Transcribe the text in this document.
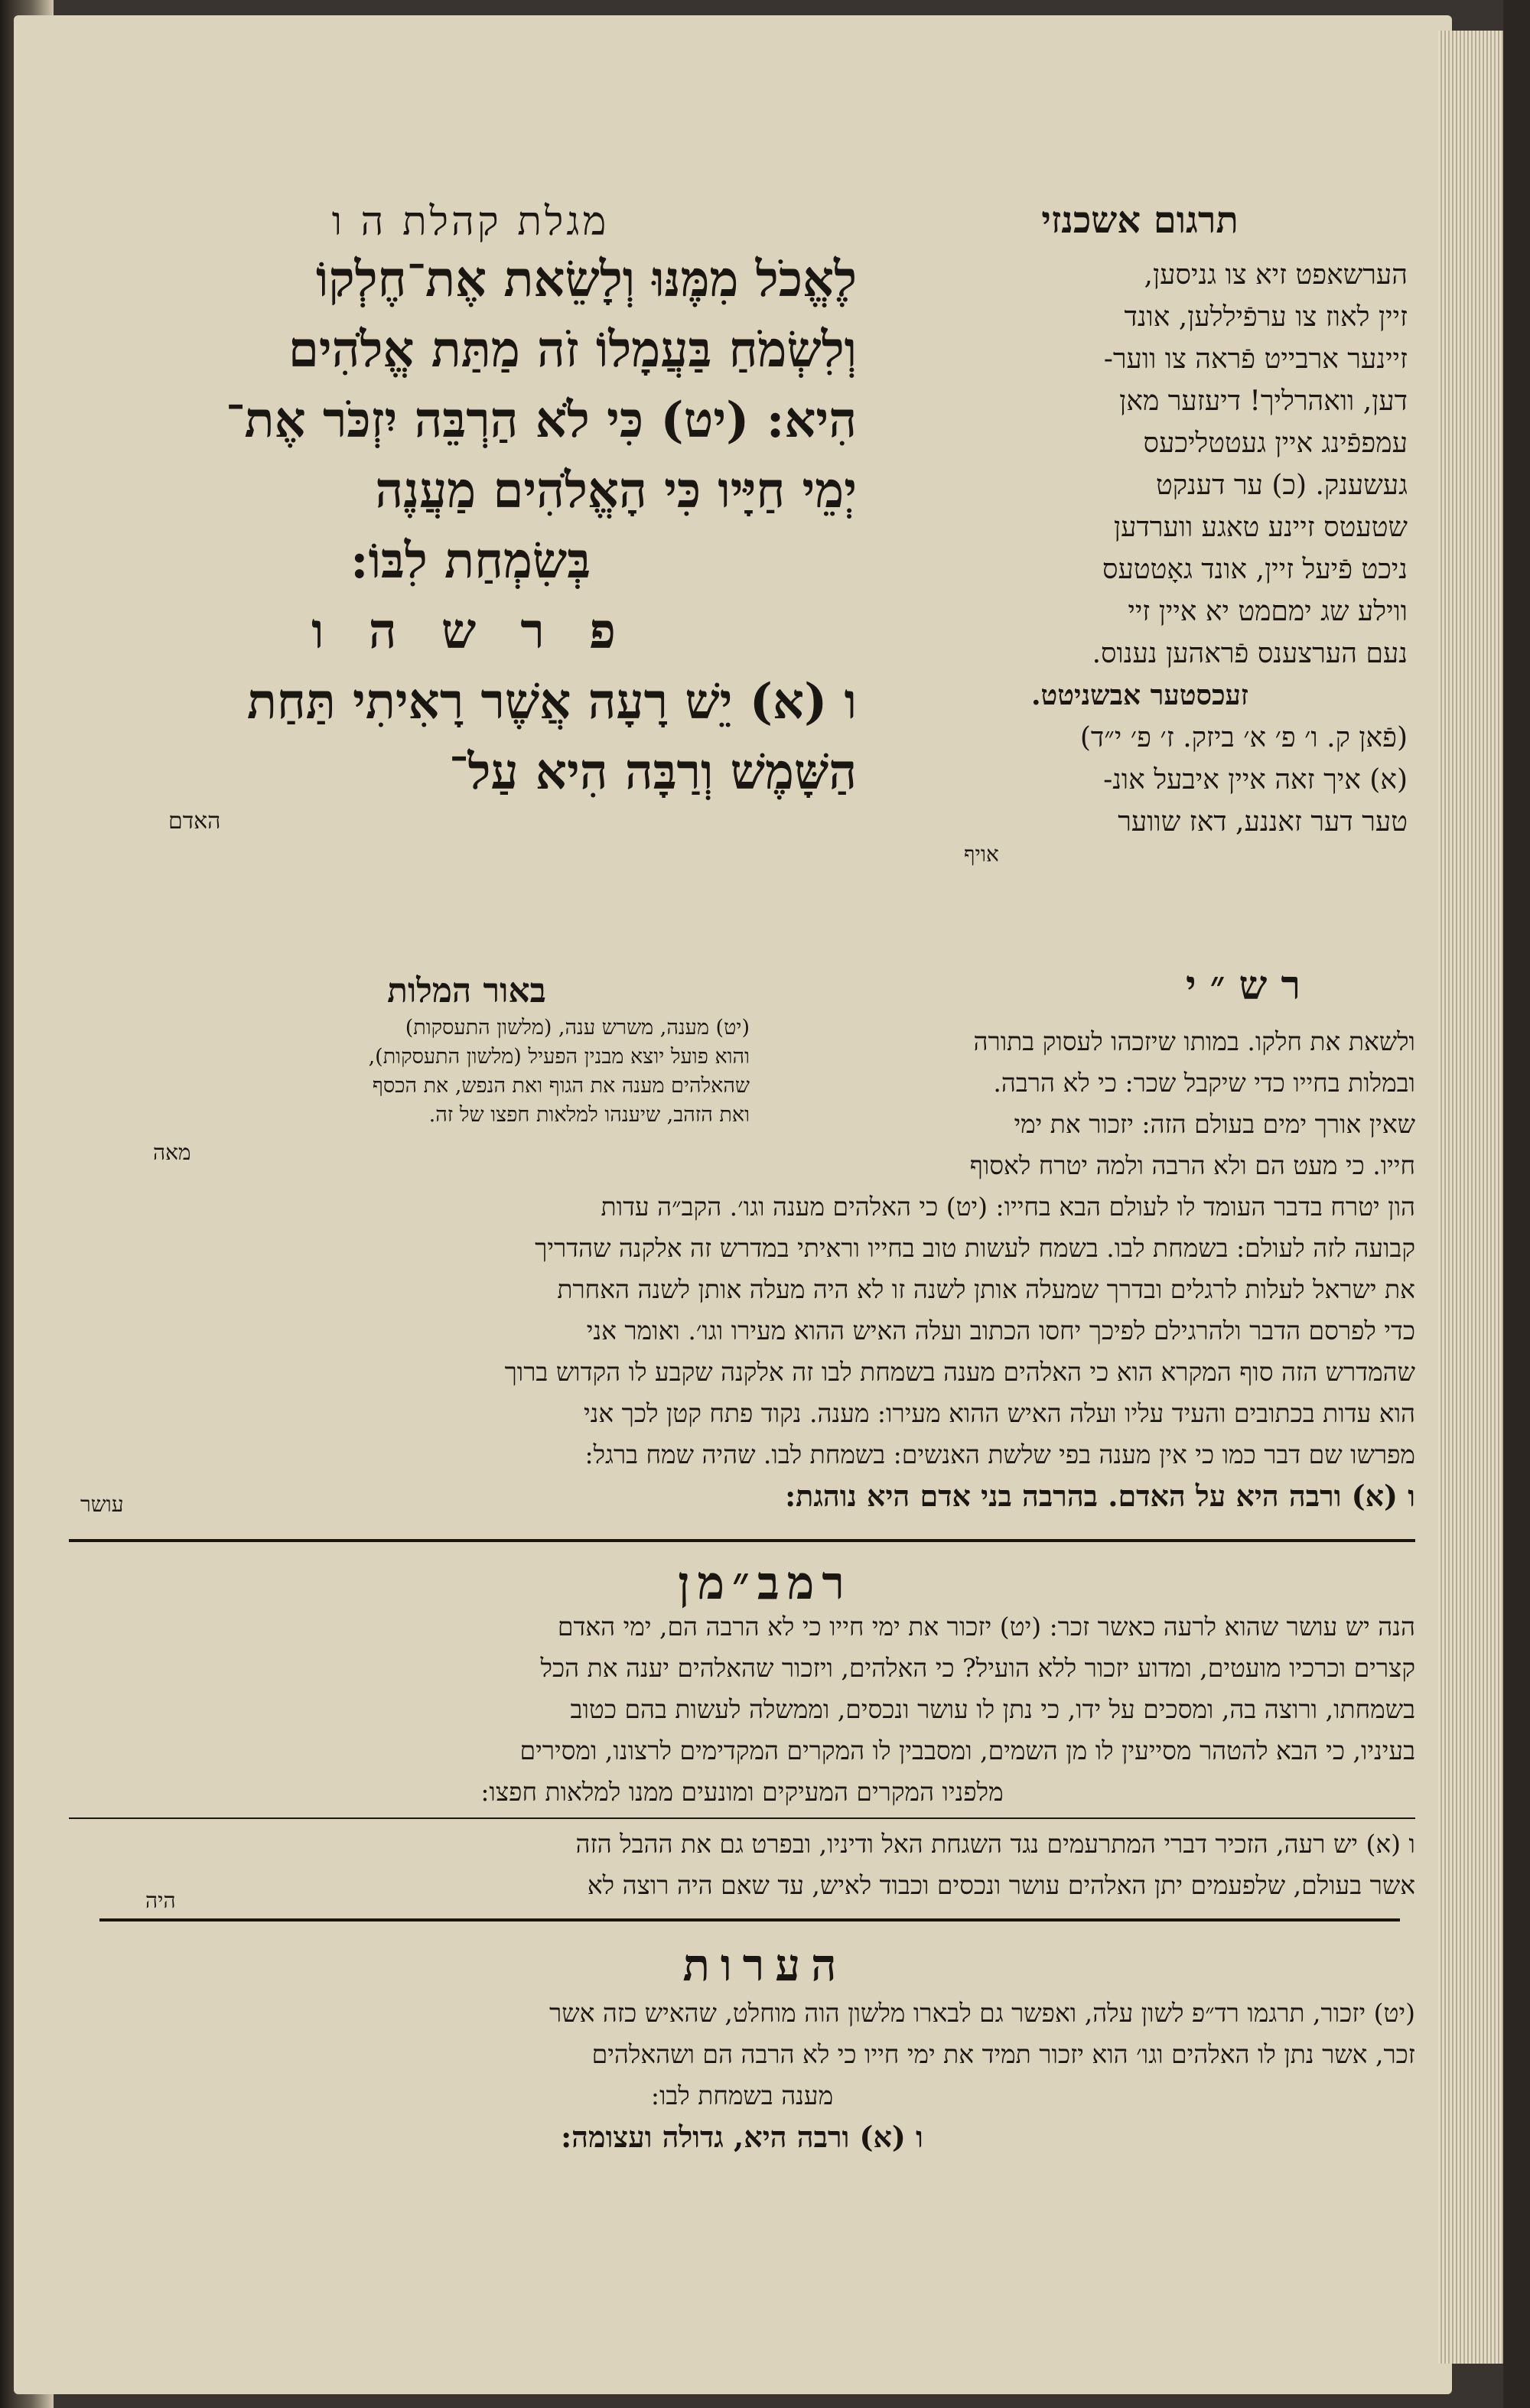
תרגום אשכנזי
הערשאפט זיא צו גניסען,
זיין לאוז צו ערפֿיללען, אונד
זיינער ארבייט פֿראה צו ווער-
דען, וואהרליך! דיעזער מאן
עמפפֿינג איין געטטליכעס
געשענק. (כ) ער דענקט
שטעטס זיינע טאגע ווערדען
ניכט פֿיעל זיין, אונד גאָטטעס
ווילע שג ימםמט יא איין זיי
נעם הערצענס פֿראהען נענוס.
זעכסטער אבשניטט.
(פֿאן ק. ו׳ פ׳ א׳ ביזק. ז׳ פ׳ י״ד)
(א) איך זאה איין איבעל אונ-
טער דער זאננע, דאז שווער
אויף
מגלת קהלת ה ו
לֶאֱכֹל מִמֶּנּוּ וְלָשֵׂאת אֶת־חֶלְקוֹ
וְלִשְׂמֹחַ בַּעֲמָלוֹ זֹה מַתַּת אֱלֹהִים
הִיא: (יט) כִּי לֹא הַרְבֵּה יִזְכֹּר אֶת־
יְמֵי חַיָּיו כִּי הָאֱלֹהִים מַעֲנֶה
בְּשִׂמְחַת לִבּוֹ:
פ ר ש ה ו
ו (א) יֵשׁ רָעָה אֲשֶׁר רָאִיתִי תַּחַת
הַשָּׁמֶשׁ וְרַבָּה הִיא עַל־
האדם
באור המלות
(יט) מענה, משרש ענה, (מלשון התעסקות)
והוא פועל יוצא מבנין הפעיל (מלשון התעסקות),
שהאלהים מענה את הגוף ואת הנפש, את הכסף
ואת הזהב, שיענהו למלאות חפצו של זה.
מאה
ר ש ״ י
ולשאת את חלקו. במותו שיזכהו לעסוק בתורה
ובמלות בחייו כדי שיקבל שכר: כי לא הרבה.
שאין אורך ימים בעולם הזה: יזכור את ימי
חייו. כי מעט הם ולא הרבה ולמה יטרח לאסוף
הון יטרח בדבר העומד לו לעולם הבא בחייו: (יט) כי האלהים מענה וגו׳. הקב״ה עדות
קבועה לזה לעולם: בשמחת לבו. בשמח לעשות טוב בחייו וראיתי במדרש זה אלקנה שהדריך
את ישראל לעלות לרגלים ובדרך שמעלה אותן לשנה זו לא היה מעלה אותן לשנה האחרת
כדי לפרסם הדבר ולהרגילם לפיכך יחסו הכתוב ועלה האיש ההוא מעירו וגו׳. ואומר אני
שהמדרש הזה סוף המקרא הוא כי האלהים מענה בשמחת לבו זה אלקנה שקבע לו הקדוש ברוך
הוא עדות בכתובים והעיד עליו ועלה האיש ההוא מעירו: מענה. נקוד פתח קטן לכך אני
מפרשו שם דבר כמו כי אין מענה בפי שלשת האנשים: בשמחת לבו. שהיה שמח ברגל:
ו (א) ורבה היא על האדם. בהרבה בני אדם היא נוהגת:
עושר
רמב״מן
הנה יש עושר שהוא לרעה כאשר זכר: (יט) יזכור את ימי חייו כי לא הרבה הם, ימי האדם
קצרים וכרכיו מועטים, ומדוע יזכור ללא הועיל? כי האלהים, ויזכור שהאלהים יענה את הכל
בשמחתו, ורוצה בה, ומסכים על ידו, כי נתן לו עושר ונכסים, וממשלה לעשות בהם כטוב
בעיניו, כי הבא להטהר מסייעין לו מן השמים, ומסבבין לו המקרים המקדימים לרצונו, ומסירים
מלפניו המקרים המעיקים ומונעים ממנו למלאות חפצו:
ו (א) יש רעה, הזכיר דברי המתרעמים נגד השגחת האל ודיניו, ובפרט גם את ההבל הזה
אשר בעולם, שלפעמים יתן האלהים עושר ונכסים וכבוד לאיש, עד שאם היה רוצה לא
היה
הערות
(יט) יזכור, תרגמו רד״פ לשון עלה, ואפשר גם לבארו מלשון הוה מוחלט, שהאיש כזה אשר
זכר, אשר נתן לו האלהים וגו׳ הוא יזכור תמיד את ימי חייו כי לא הרבה הם ושהאלהים
מענה בשמחת לבו:
ו (א) ורבה היא, גדולה ועצומה:
